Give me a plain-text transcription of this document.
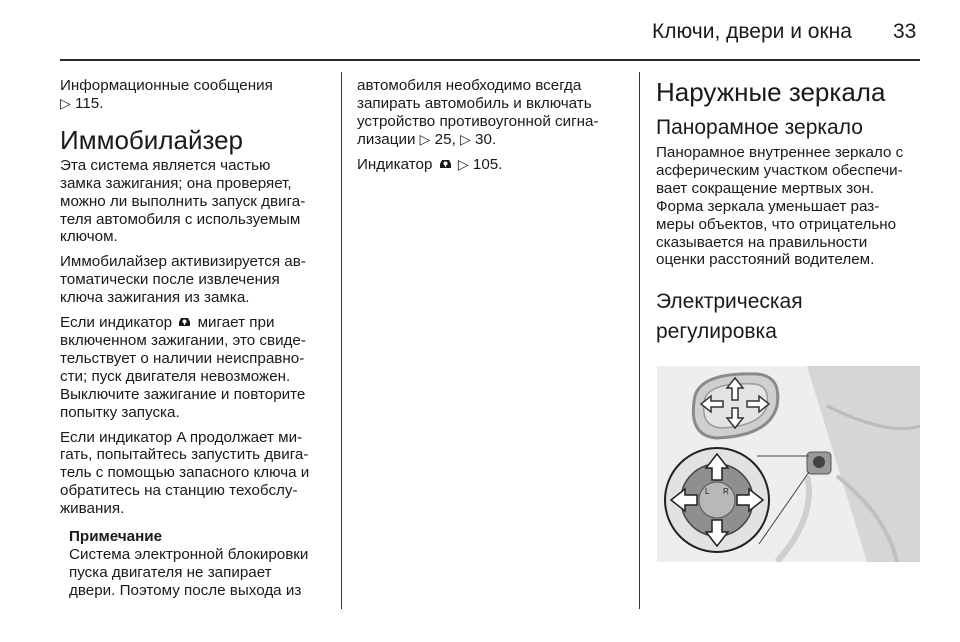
Ключи, двери и окна 33
Информационные сообщения
▷ 115.
Иммобилайзер
Эта система является частью
замка зажигания; она проверяет,
можно ли выполнить запуск двига-
теля автомобиля с используемым
ключом.
Иммобилайзер активизируется ав-
томатически после извлечения
ключа зажигания из замка.
Если индикатор мигает при
включенном зажигании, это свиде-
тельствует о наличии неисправно-
сти; пуск двигателя невозможен.
Выключите зажигание и повторите
попытку запуска.
Если индикатор A продолжает ми-
гать, попытайтесь запустить двига-
тель с помощью запасного ключа и
обратитесь на станцию техобслу-
живания.
Примечание
Система электронной блокировки
пуска двигателя не запирает
двери. Поэтому после выхода из
автомобиля необходимо всегда
запирать автомобиль и включать
устройство противоугонной сигна-
лизации ▷ 25, ▷ 30.
Индикатор ▷ 105.
Наружные зеркала
Панорамное зеркало
Панорамное внутреннее зеркало с
асферическим участком обеспечи-
вает сокращение мертвых зон.
Форма зеркала уменьшает раз-
меры объектов, что отрицательно
сказывается на правильности
оценки расстояний водителем.
Электрическая
регулировка
L R
